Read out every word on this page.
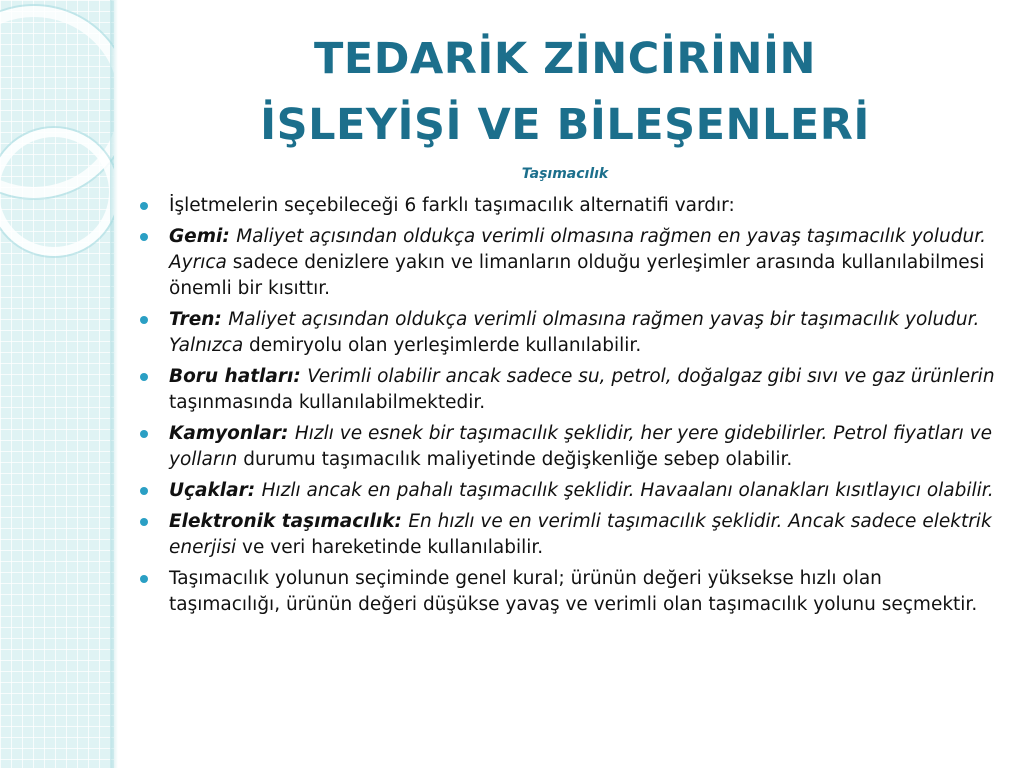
TEDARİK ZİNCİRİNİN
İŞLEYİŞİ VE BİLEŞENLERİ
Taşımacılık
İşletmelerin seçebileceği 6 farklı taşımacılık alternatifi vardır:
Gemi: Maliyet açısından oldukça verimli olmasına rağmen en yavaş taşımacılık yoludur. Ayrıca sadece denizlere yakın ve limanların olduğu yerleşimler arasında kullanılabilmesi önemli bir kısıttır.
Tren: Maliyet açısından oldukça verimli olmasına rağmen yavaş bir taşımacılık yoludur. Yalnızca demiryolu olan yerleşimlerde kullanılabilir.
Boru hatları: Verimli olabilir ancak sadece su, petrol, doğalgaz gibi sıvı ve gaz ürünlerin taşınmasında kullanılabilmektedir.
Kamyonlar: Hızlı ve esnek bir taşımacılık şeklidir, her yere gidebilirler. Petrol fiyatları ve yolların durumu taşımacılık maliyetinde değişkenliğe sebep olabilir.
Uçaklar: Hızlı ancak en pahalı taşımacılık şeklidir. Havaalanı olanakları kısıtlayıcı olabilir.
Elektronik taşımacılık: En hızlı ve en verimli taşımacılık şeklidir. Ancak sadece elektrik enerjisi ve veri hareketinde kullanılabilir.
Taşımacılık yolunun seçiminde genel kural; ürünün değeri yüksekse hızlı olan taşımacılığı, ürünün değeri düşükse yavaş ve verimli olan taşımacılık yolunu seçmektir.
